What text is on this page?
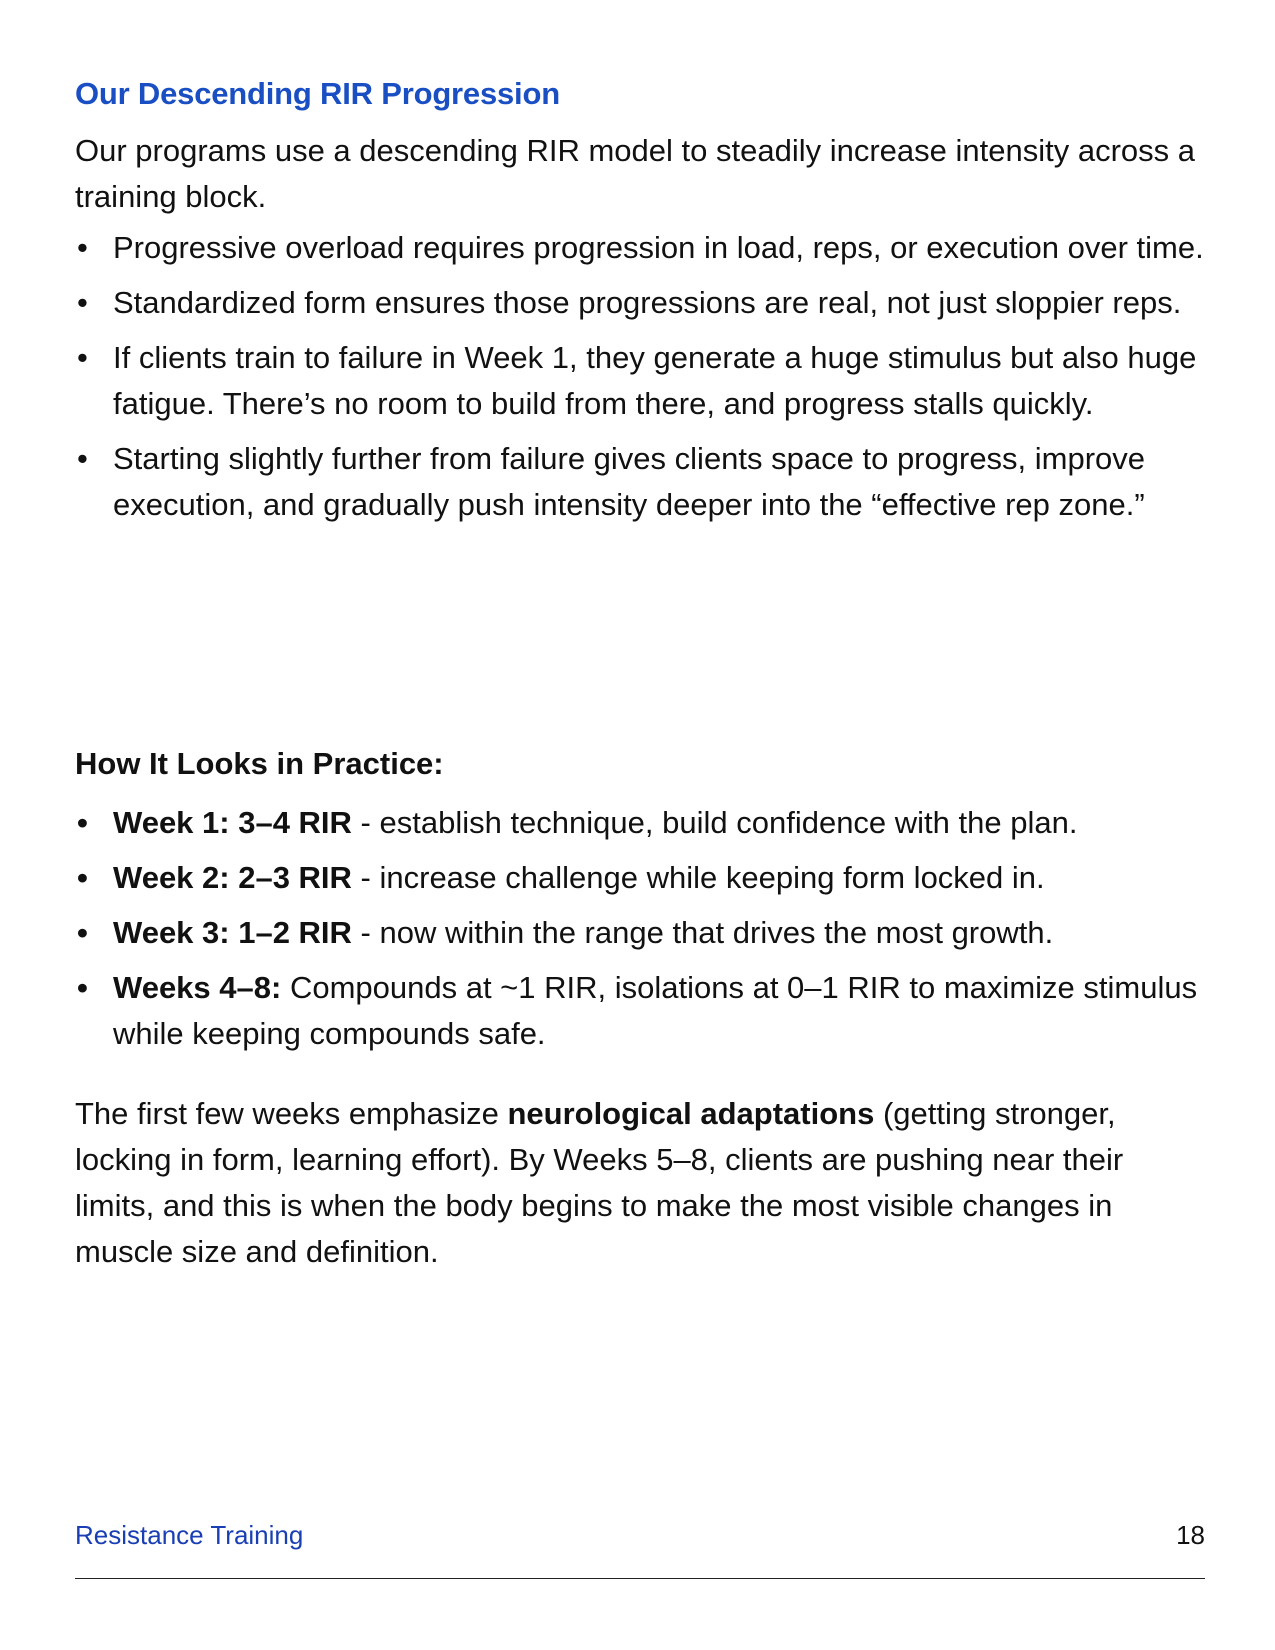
Our Descending RIR Progression

Our programs use a descending RIR model to steadily increase intensity across a training block.

• Progressive overload requires progression in load, reps, or execution over time.
• Standardized form ensures those progressions are real, not just sloppier reps.
• If clients train to failure in Week 1, they generate a huge stimulus but also huge fatigue. There’s no room to build from there, and progress stalls quickly.
• Starting slightly further from failure gives clients space to progress, improve execution, and gradually push intensity deeper into the “effective rep zone.”
How It Looks in Practice:
• Week 1: 3–4 RIR - establish technique, build confidence with the plan.
• Week 2: 2–3 RIR - increase challenge while keeping form locked in.
• Week 3: 1–2 RIR - now within the range that drives the most growth.
• Weeks 4–8: Compounds at ~1 RIR, isolations at 0–1 RIR to maximize stimulus while keeping compounds safe.

The first few weeks emphasize neurological adaptations (getting stronger, locking in form, learning effort). By Weeks 5–8, clients are pushing near their limits, and this is when the body begins to make the most visible changes in muscle size and definition.

Resistance Training	18
